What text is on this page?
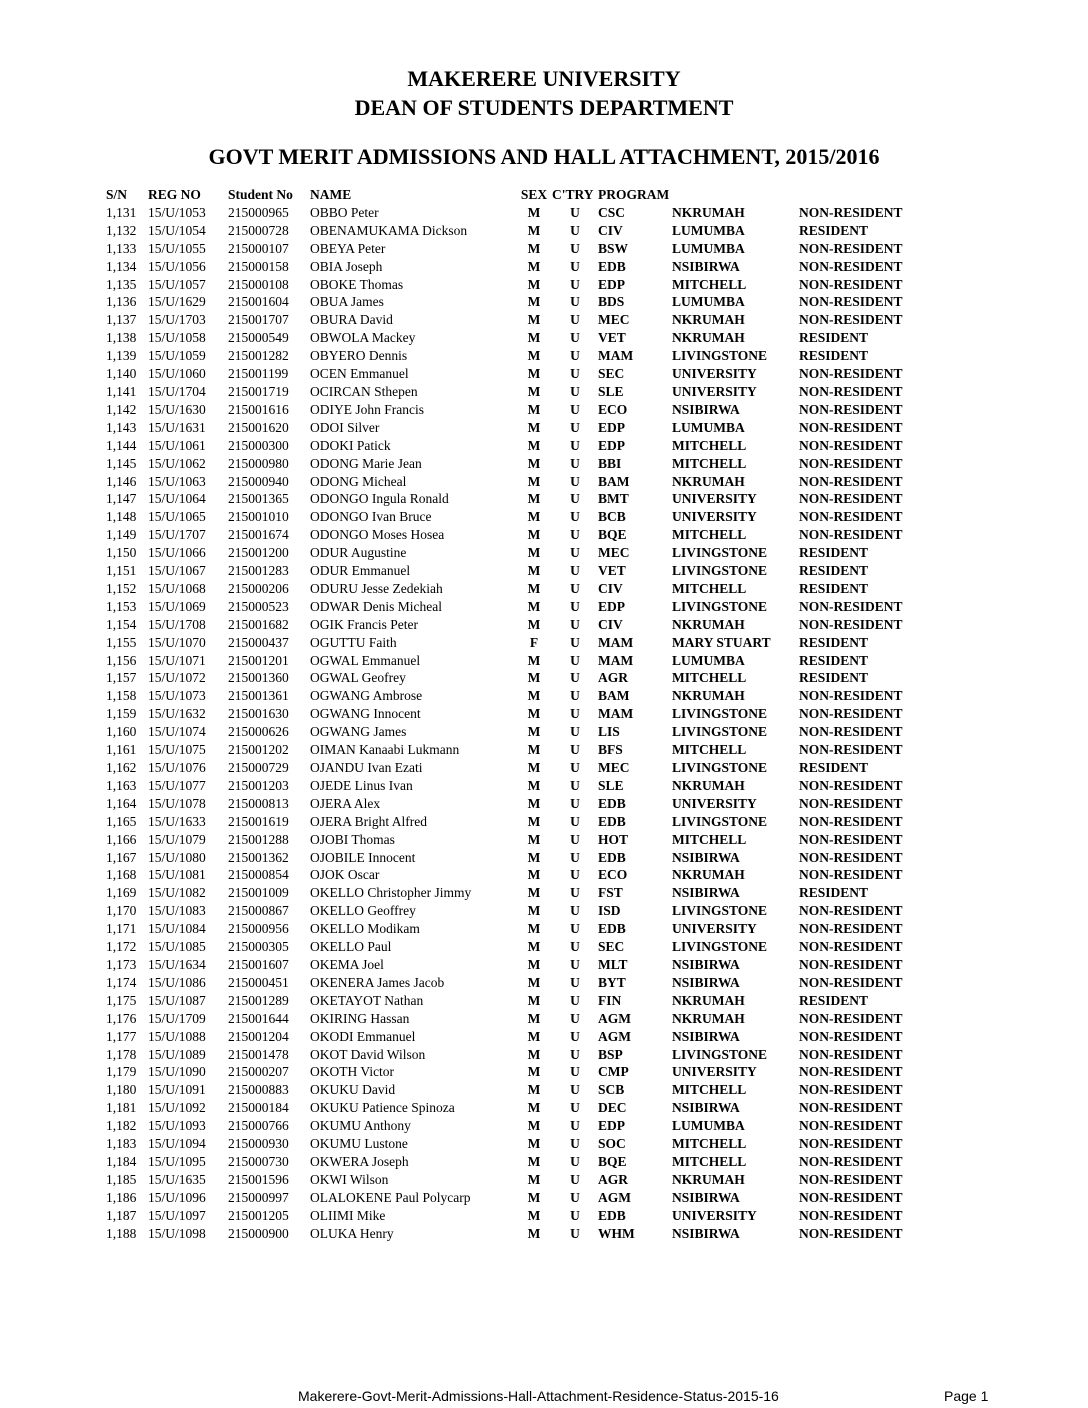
MAKERERE UNIVERSITY
DEAN OF STUDENTS DEPARTMENT
GOVT MERIT ADMISSIONS AND HALL ATTACHMENT, 2015/2016
S/N	REG NO	Student No	NAME	SEX	C'TRY	PROGRAM		
1,131	15/U/1053	215000965	OBBO Peter	M	U	CSC	NKRUMAH	NON-RESIDENT
1,132	15/U/1054	215000728	OBENAMUKAMA Dickson	M	U	CIV	LUMUMBA	RESIDENT
1,133	15/U/1055	215000107	OBEYA Peter	M	U	BSW	LUMUMBA	NON-RESIDENT
1,134	15/U/1056	215000158	OBIA Joseph	M	U	EDB	NSIBIRWA	NON-RESIDENT
1,135	15/U/1057	215000108	OBOKE Thomas	M	U	EDP	MITCHELL	NON-RESIDENT
1,136	15/U/1629	215001604	OBUA James	M	U	BDS	LUMUMBA	NON-RESIDENT
1,137	15/U/1703	215001707	OBURA David	M	U	MEC	NKRUMAH	NON-RESIDENT
1,138	15/U/1058	215000549	OBWOLA Mackey	M	U	VET	NKRUMAH	RESIDENT
1,139	15/U/1059	215001282	OBYERO Dennis	M	U	MAM	LIVINGSTONE	RESIDENT
1,140	15/U/1060	215001199	OCEN Emmanuel	M	U	SEC	UNIVERSITY	NON-RESIDENT
1,141	15/U/1704	215001719	OCIRCAN Sthepen	M	U	SLE	UNIVERSITY	NON-RESIDENT
1,142	15/U/1630	215001616	ODIYE John Francis	M	U	ECO	NSIBIRWA	NON-RESIDENT
1,143	15/U/1631	215001620	ODOI Silver	M	U	EDP	LUMUMBA	NON-RESIDENT
1,144	15/U/1061	215000300	ODOKI Patick	M	U	EDP	MITCHELL	NON-RESIDENT
1,145	15/U/1062	215000980	ODONG Marie Jean	M	U	BBI	MITCHELL	NON-RESIDENT
1,146	15/U/1063	215000940	ODONG Micheal	M	U	BAM	NKRUMAH	NON-RESIDENT
1,147	15/U/1064	215001365	ODONGO Ingula Ronald	M	U	BMT	UNIVERSITY	NON-RESIDENT
1,148	15/U/1065	215001010	ODONGO Ivan Bruce	M	U	BCB	UNIVERSITY	NON-RESIDENT
1,149	15/U/1707	215001674	ODONGO Moses Hosea	M	U	BQE	MITCHELL	NON-RESIDENT
1,150	15/U/1066	215001200	ODUR Augustine	M	U	MEC	LIVINGSTONE	RESIDENT
1,151	15/U/1067	215001283	ODUR Emmanuel	M	U	VET	LIVINGSTONE	RESIDENT
1,152	15/U/1068	215000206	ODURU Jesse Zedekiah	M	U	CIV	MITCHELL	RESIDENT
1,153	15/U/1069	215000523	ODWAR Denis Micheal	M	U	EDP	LIVINGSTONE	NON-RESIDENT
1,154	15/U/1708	215001682	OGIK Francis Peter	M	U	CIV	NKRUMAH	NON-RESIDENT
1,155	15/U/1070	215000437	OGUTTU Faith	F	U	MAM	MARY STUART	RESIDENT
1,156	15/U/1071	215001201	OGWAL Emmanuel	M	U	MAM	LUMUMBA	RESIDENT
1,157	15/U/1072	215001360	OGWAL Geofrey	M	U	AGR	MITCHELL	RESIDENT
1,158	15/U/1073	215001361	OGWANG Ambrose	M	U	BAM	NKRUMAH	NON-RESIDENT
1,159	15/U/1632	215001630	OGWANG Innocent	M	U	MAM	LIVINGSTONE	NON-RESIDENT
1,160	15/U/1074	215000626	OGWANG James	M	U	LIS	LIVINGSTONE	NON-RESIDENT
1,161	15/U/1075	215001202	OIMAN Kanaabi Lukmann	M	U	BFS	MITCHELL	NON-RESIDENT
1,162	15/U/1076	215000729	OJANDU Ivan Ezati	M	U	MEC	LIVINGSTONE	RESIDENT
1,163	15/U/1077	215001203	OJEDE Linus Ivan	M	U	SLE	NKRUMAH	NON-RESIDENT
1,164	15/U/1078	215000813	OJERA Alex	M	U	EDB	UNIVERSITY	NON-RESIDENT
1,165	15/U/1633	215001619	OJERA Bright Alfred	M	U	EDB	LIVINGSTONE	NON-RESIDENT
1,166	15/U/1079	215001288	OJOBI Thomas	M	U	HOT	MITCHELL	NON-RESIDENT
1,167	15/U/1080	215001362	OJOBILE Innocent	M	U	EDB	NSIBIRWA	NON-RESIDENT
1,168	15/U/1081	215000854	OJOK Oscar	M	U	ECO	NKRUMAH	NON-RESIDENT
1,169	15/U/1082	215001009	OKELLO Christopher Jimmy	M	U	FST	NSIBIRWA	RESIDENT
1,170	15/U/1083	215000867	OKELLO Geoffrey	M	U	ISD	LIVINGSTONE	NON-RESIDENT
1,171	15/U/1084	215000956	OKELLO Modikam	M	U	EDB	UNIVERSITY	NON-RESIDENT
1,172	15/U/1085	215000305	OKELLO Paul	M	U	SEC	LIVINGSTONE	NON-RESIDENT
1,173	15/U/1634	215001607	OKEMA Joel	M	U	MLT	NSIBIRWA	NON-RESIDENT
1,174	15/U/1086	215000451	OKENERA James Jacob	M	U	BYT	NSIBIRWA	NON-RESIDENT
1,175	15/U/1087	215001289	OKETAYOT Nathan	M	U	FIN	NKRUMAH	RESIDENT
1,176	15/U/1709	215001644	OKIRING Hassan	M	U	AGM	NKRUMAH	NON-RESIDENT
1,177	15/U/1088	215001204	OKODI Emmanuel	M	U	AGM	NSIBIRWA	NON-RESIDENT
1,178	15/U/1089	215001478	OKOT David Wilson	M	U	BSP	LIVINGSTONE	NON-RESIDENT
1,179	15/U/1090	215000207	OKOTH Victor	M	U	CMP	UNIVERSITY	NON-RESIDENT
1,180	15/U/1091	215000883	OKUKU David	M	U	SCB	MITCHELL	NON-RESIDENT
1,181	15/U/1092	215000184	OKUKU Patience Spinoza	M	U	DEC	NSIBIRWA	NON-RESIDENT
1,182	15/U/1093	215000766	OKUMU Anthony	M	U	EDP	LUMUMBA	NON-RESIDENT
1,183	15/U/1094	215000930	OKUMU Lustone	M	U	SOC	MITCHELL	NON-RESIDENT
1,184	15/U/1095	215000730	OKWERA Joseph	M	U	BQE	MITCHELL	NON-RESIDENT
1,185	15/U/1635	215001596	OKWI Wilson	M	U	AGR	NKRUMAH	NON-RESIDENT
1,186	15/U/1096	215000997	OLALOKENE Paul Polycarp	M	U	AGM	NSIBIRWA	NON-RESIDENT
1,187	15/U/1097	215001205	OLIIMI Mike	M	U	EDB	UNIVERSITY	NON-RESIDENT
1,188	15/U/1098	215000900	OLUKA Henry	M	U	WHM	NSIBIRWA	NON-RESIDENT
Makerere-Govt-Merit-Admissions-Hall-Attachment-Residence-Status-2015-16	Page 1
